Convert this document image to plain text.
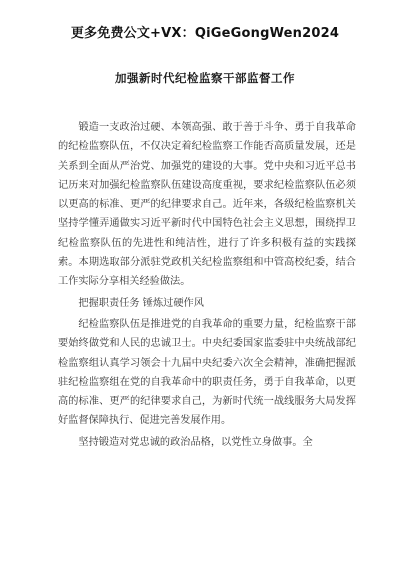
更多免费公文+VX：QiGeGongWen2024
加强新时代纪检监察干部监督工作

锻造一支政治过硬、本领高强、敢于善于斗争、勇于自我革命的纪检监察队伍，不仅决定着纪检监察工作能否高质量发展，还是关系到全面从严治党、加强党的建设的大事。党中央和习近平总书记历来对加强纪检监察队伍建设高度重视，要求纪检监察队伍必须以更高的标准、更严的纪律要求自己。近年来，各级纪检监察机关坚持学懂弄通做实习近平新时代中国特色社会主义思想，围绕捍卫纪检监察队伍的先进性和纯洁性，进行了许多积极有益的实践探索。本期选取部分派驻党政机关纪检监察组和中管高校纪委，结合工作实际分享相关经验做法。

把握职责任务 锤炼过硬作风

纪检监察队伍是推进党的自我革命的重要力量，纪检监察干部要始终做党和人民的忠诚卫士。中央纪委国家监委驻中央统战部纪检监察组认真学习领会十九届中央纪委六次全会精神，准确把握派驻纪检监察组在党的自我革命中的职责任务，勇于自我革命，以更高的标准、更严的纪律要求自己，为新时代统一战线服务大局发挥好监督保障执行、促进完善发展作用。

坚持锻造对党忠诚的政治品格，以党性立身做事。全
